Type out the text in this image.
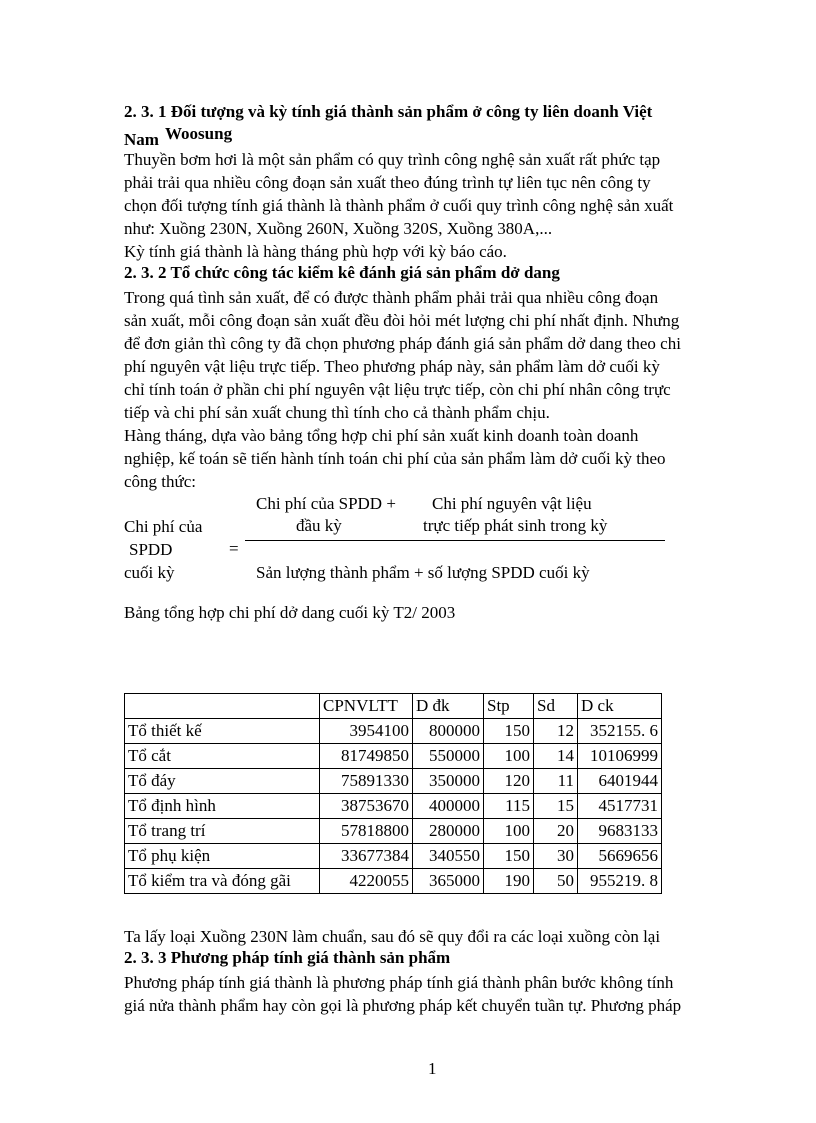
2. 3. 1 Đối tượng và kỳ tính giá thành sản phẩm ở công ty liên doanh Việt
Nam Woosung
Thuyền bơm hơi là một sản phẩm có quy trình công nghệ sản xuất rất phức tạp
phải trải qua nhiều công đoạn sản xuất theo đúng trình tự liên tục nên công ty
chọn đối tượng tính giá thành là thành phẩm ở cuối quy trình công nghệ sản xuất
như: Xuồng 230N, Xuồng 260N, Xuồng 320S, Xuồng 380A,...
Kỳ tính giá thành là hàng tháng phù hợp với kỳ báo cáo.
2. 3. 2 Tổ chức công tác kiểm kê đánh giá sản phẩm dở dang
Trong quá tình sản xuất, để có được thành phẩm phải trải qua nhiều công đoạn
sản xuất, mỗi công đoạn sản xuất đều đòi hỏi mét lượng chi phí nhất định. Nhưng
để đơn giản thì công ty đã chọn phương pháp đánh giá sản phẩm dở dang theo chi
phí nguyên vật liệu trực tiếp. Theo phương pháp này, sản phẩm làm dở cuối kỳ
chỉ tính toán ở phần chi phí nguyên vật liệu trực tiếp, còn chi phí nhân công trực
tiếp và chi phí sản xuất chung thì tính cho cả thành phẩm chịu.
Hàng tháng, dựa vào bảng tổng hợp chi phí sản xuất kinh doanh toàn doanh
nghiệp, kế toán sẽ tiến hành tính toán chi phí của sản phẩm làm dở cuối kỳ theo
công thức:
Chi phí của SPDD +
đầu kỳ
Chi phí nguyên vật liệu
trực tiếp phát sinh trong kỳ
Chi phí của
SPDD
cuối kỳ
=
Sản lượng thành phẩm + số lượng SPDD cuối kỳ
Bảng tổng hợp chi phí dở dang cuối kỳ T2/ 2003
	CPNVLTT	D đk	Stp	Sd	D ck
Tổ thiết kế	3954100	800000	150	12	352155. 6
Tổ cắt	81749850	550000	100	14	10106999
Tổ đáy	75891330	350000	120	11	6401944
Tổ định hình	38753670	400000	115	15	4517731
Tổ trang trí	57818800	280000	100	20	9683133
Tổ phụ kiện	33677384	340550	150	30	5669656
Tổ kiểm tra và đóng gãi	4220055	365000	190	50	955219. 8
Ta lấy loại Xuồng 230N làm chuẩn, sau đó sẽ quy đổi ra các loại xuồng còn lại
2. 3. 3 Phương pháp tính giá thành sản phẩm
Phương pháp tính giá thành là phương pháp tính giá thành phân bước không tính
giá nửa thành phẩm hay còn gọi là phương pháp kết chuyển tuần tự. Phương pháp
1
